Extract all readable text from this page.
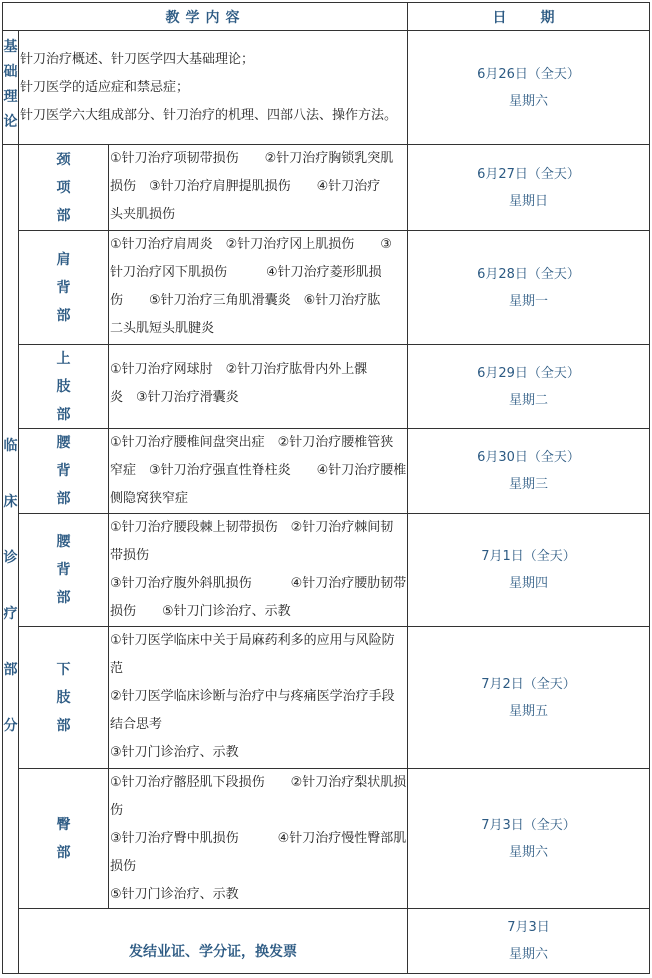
教学内容	日　期
基
础
理
论
针刀治疗概述、针刀医学四大基础理论；
针刀医学的适应症和禁忌症；
针刀医学六大组成部分、针刀治疗的机理、四部八法、操作方法。
6月26日（全天）
星期六
临
床
诊
疗
部
分
颈
项
部
①针刀治疗项韧带损伤　　②针刀治疗胸锁乳突肌
损伤　③针刀治疗肩胛提肌损伤　　④针刀治疗
头夹肌损伤
6月27日（全天）
星期日
肩
背
部
①针刀治疗肩周炎　②针刀治疗冈上肌损伤　　③
针刀治疗冈下肌损伤　　　④针刀治疗菱形肌损
伤　　⑤针刀治疗三角肌滑囊炎　⑥针刀治疗肱
二头肌短头肌腱炎
6月28日（全天）
星期一
上
肢
部
①针刀治疗网球肘　②针刀治疗肱骨内外上髁
炎　③针刀治疗滑囊炎
6月29日（全天）
星期二
腰
背
部
①针刀治疗腰椎间盘突出症　②针刀治疗腰椎管狭
窄症　③针刀治疗强直性脊柱炎　　④针刀治疗腰椎
侧隐窝狭窄症
6月30日（全天）
星期三
腰
背
部
①针刀治疗腰段棘上韧带损伤　②针刀治疗棘间韧
带损伤
③针刀治疗腹外斜肌损伤　　　④针刀治疗腰肋韧带
损伤　　⑤针刀门诊治疗、示教
7月1日（全天）
星期四
下
肢
部
①针刀医学临床中关于局麻药利多的应用与风险防
范
②针刀医学临床诊断与治疗中与疼痛医学治疗手段
结合思考
③针刀门诊治疗、示教
7月2日（全天）
星期五
臀
部
①针刀治疗髂胫肌下段损伤　　②针刀治疗梨状肌损
伤
③针刀治疗臀中肌损伤　　　④针刀治疗慢性臀部肌
损伤
⑤针刀门诊治疗、示教
7月3日（全天）
星期六
发结业证、学分证，换发票
7月3日
星期六
